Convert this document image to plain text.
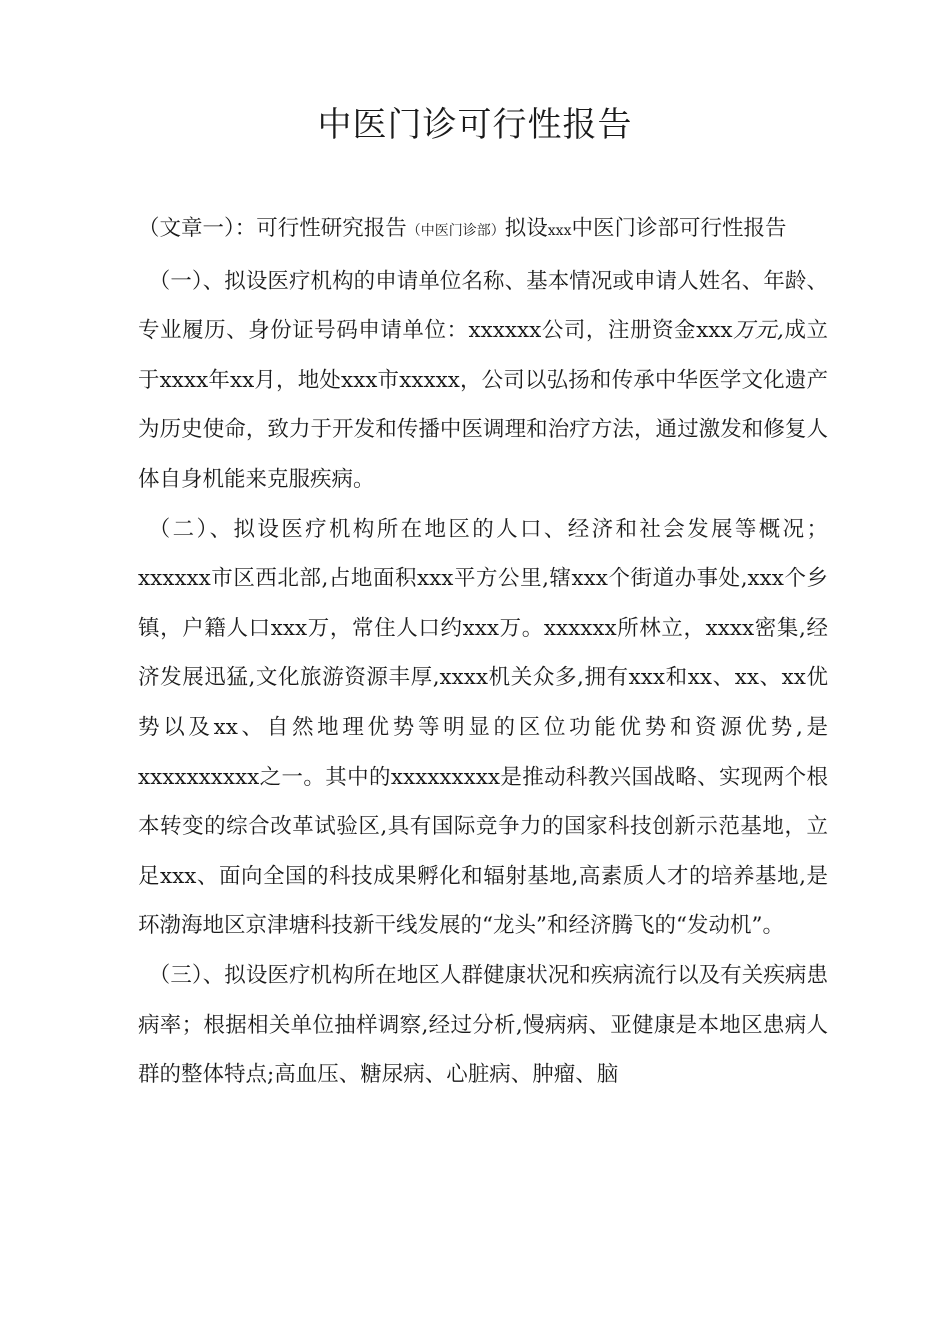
中医门诊可行性报告

（文章一）：可行性研究报告（中医门诊部）拟设xxx中医门诊部可行性报告

（一）、拟设医疗机构的申请单位名称、基本情况或申请人姓名、年龄、专业履历、身份证号码申请单位：xxxxxx公司，注册资金xxx万元,成立于xxxx年xx月，地处xxx市xxxxx，公司以弘扬和传承中华医学文化遗产为历史使命，致力于开发和传播中医调理和治疗方法，通过激发和修复人体自身机能来克服疾病。

（二）、拟设医疗机构所在地区的人口、经济和社会发展等概况；xxxxxx市区西北部,占地面积xxx平方公里,辖xxx个街道办事处,xxx个乡镇，户籍人口xxx万，常住人口约xxx万。xxxxxx所林立，xxxx密集,经济发展迅猛,文化旅游资源丰厚,xxxx机关众多,拥有xxx和xx、xx、xx优势以及xx、自然地理优势等明显的区位功能优势和资源优势,是xxxxxxxxxx之一。其中的xxxxxxxxx是推动科教兴国战略、实现两个根本转变的综合改革试验区,具有国际竞争力的国家科技创新示范基地，立足xxx、面向全国的科技成果孵化和辐射基地,高素质人才的培养基地,是环渤海地区京津塘科技新干线发展的“龙头”和经济腾飞的“发动机”。

（三）、拟设医疗机构所在地区人群健康状况和疾病流行以及有关疾病患病率；根据相关单位抽样调察,经过分析,慢病病、亚健康是本地区患病人群的整体特点;高血压、糖尿病、心脏病、肿瘤、脑
